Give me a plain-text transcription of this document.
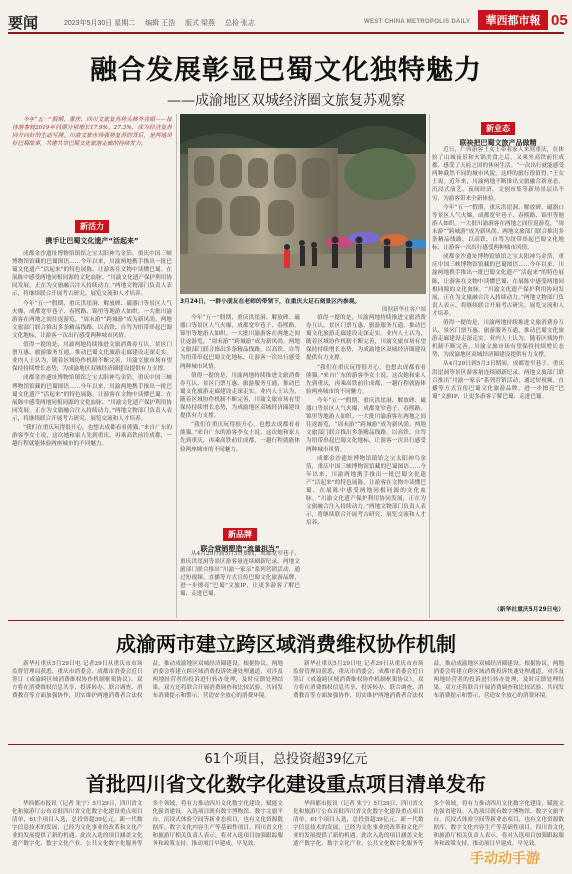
要闻	2023年5月30日 星期二 编辑 王浩 版式 梁燕 总检 张志	WEST CHINA METROPOLIS DAILY	華西都市報 05
融合发展彰显巴蜀文化独特魅力
——成渝地区双城经济圈文旅复苏观察

今年“五一”假期，重庆、四川文旅复苏势头格外亮眼——接待游客较2019年同期分别增长17.9%、27.3%，成为经济复苏回升向好的生动写照。川渝文旅市场强势复苏的背后，是两地讲好巴蜀故事，共建共享巴蜀文化旅游走廊的持续发力。

新活力
携手让巴蜀文化遗产“活起来”

成都金沙遗址博物馆镇馆之宝太阳神鸟金箔，重庆中国三峡博物馆馆藏的巴蜀图语……今年以来，川渝两地携手推出一批巴蜀文化遗产“活起来”的特色展陈，让游客在文物中读懂巴蜀、在展陈中感受两地同根同源的文化血脉。“川渝文化遗产保护利用协同发展，正在为文旅融合注入持续动力。”两地文物部门负责人表示，将继续联合开展考古研究、展览交流和人才培养。

今年“五一”假期，重庆洪崖洞、解放碑、磁器口等景区人气火爆，成都宽窄巷子、春熙路、锦里等地游人如织。一大批川渝游客在两地之间往返游览，“周末游”“跨城游”成为新风尚。两地文旅部门联合推出多条精品线路，以高铁、自驾为纽带串起巴蜀文化地标，让游客一次出行感受两种城市风情。

值得一提的是，川渝两地持续推进文旅消费券互认、景区门票互惠、旅游服务互通，推动巴蜀文化旅游走廊建设走深走实。业内人士认为，随着区域协作机制不断完善，川渝文旅市场有望保持持续增长态势，为成渝地区双城经济圈建设提供有力支撑。

成都金沙遗址博物馆镇馆之宝太阳神鸟金箔，重庆中国三峡博物馆馆藏的巴蜀图语……今年以来，川渝两地携手推出一批巴蜀文化遗产“活起来”的特色展陈，让游客在文物中读懂巴蜀、在展陈中感受两地同根同源的文化血脉。“川渝文化遗产保护利用协同发展，正在为文旅融合注入持续动力。”两地文物部门负责人表示，将继续联合开展考古研究、展览交流和人才培养。

“我们在重庆玩得很开心，也想去成都看看熊猫。”来自广东的游客李女士说，这次她和家人先到重庆，再乘高铁前往成都，一趟行程就能体验两座城市的不同魅力。

3月24日，一群小朋友在老师的带领下，在重庆大足石刻景区内参观。
图据新华社客户端

今年“五一”假期，重庆洪崖洞、解放碑、磁器口等景区人气火爆，成都宽窄巷子、春熙路、锦里等地游人如织。一大批川渝游客在两地之间往返游览，“周末游”“跨城游”成为新风尚。两地文旅部门联合推出多条精品线路，以高铁、自驾为纽带串起巴蜀文化地标，让游客一次出行感受两种城市风情。

值得一提的是，川渝两地持续推进文旅消费券互认、景区门票互惠、旅游服务互通，推动巴蜀文化旅游走廊建设走深走实。业内人士认为，随着区域协作机制不断完善，川渝文旅市场有望保持持续增长态势，为成渝地区双城经济圈建设提供有力支撑。

“我们在重庆玩得很开心，也想去成都看看熊猫。”来自广东的游客李女士说，这次她和家人先到重庆，再乘高铁前往成都，一趟行程就能体验两座城市的不同魅力。

新品牌
联合营销塑造“流量担当”

从4月29日到5月3日期间，成都宽窄巷子、重庆洪崖洞等景区游客量连续刷新纪录。两地文旅部门联合推出“川渝一家亲”系列营销活动，通过短视频、直播等方式宣传巴蜀文化旅游品牌，进一步擦亮“巴蜀”文旅IP，让更多游客了解巴蜀、走进巴蜀。

值得一提的是，川渝两地持续推进文旅消费券互认、景区门票互惠、旅游服务互通，推动巴蜀文化旅游走廊建设走深走实。业内人士认为，随着区域协作机制不断完善，川渝文旅市场有望保持持续增长态势，为成渝地区双城经济圈建设提供有力支撑。

“我们在重庆玩得很开心，也想去成都看看熊猫。”来自广东的游客李女士说，这次她和家人先到重庆，再乘高铁前往成都，一趟行程就能体验两座城市的不同魅力。

今年“五一”假期，重庆洪崖洞、解放碑、磁器口等景区人气火爆，成都宽窄巷子、春熙路、锦里等地游人如织。一大批川渝游客在两地之间往返游览，“周末游”“跨城游”成为新风尚。两地文旅部门联合推出多条精品线路，以高铁、自驾为纽带串起巴蜀文化地标，让游客一次出行感受两种城市风情。

成都金沙遗址博物馆镇馆之宝太阳神鸟金箔，重庆中国三峡博物馆馆藏的巴蜀图语……今年以来，川渝两地携手推出一批巴蜀文化遗产“活起来”的特色展陈，让游客在文物中读懂巴蜀、在展陈中感受两地同根同源的文化血脉。“川渝文化遗产保护利用协同发展，正在为文旅融合注入持续动力。”两地文物部门负责人表示，将继续联合开展考古研究、展览交流和人才培养。

新业态
联袂把巴蜀文旅产品做精

近日，广西游客王女士带着家人来到重庆，在体验了山城夜景和火锅美食之后，又乘坐高铁前往成都，感受了天府之国的休闲生活。“一次出行就能感受两种截然不同的城市风貌，这样的旅行很值得。”王女士说。近年来，川渝两地不断推出文旅融合新业态，沉浸式演艺、夜间经济、文创市集等新场景层出不穷，为游客带来全新体验。

今年“五一”假期，重庆洪崖洞、解放碑、磁器口等景区人气火爆，成都宽窄巷子、春熙路、锦里等地游人如织。一大批川渝游客在两地之间往返游览，“周末游”“跨城游”成为新风尚。两地文旅部门联合推出多条精品线路，以高铁、自驾为纽带串起巴蜀文化地标，让游客一次出行感受两种城市风情。

成都金沙遗址博物馆镇馆之宝太阳神鸟金箔，重庆中国三峡博物馆馆藏的巴蜀图语……今年以来，川渝两地携手推出一批巴蜀文化遗产“活起来”的特色展陈，让游客在文物中读懂巴蜀、在展陈中感受两地同根同源的文化血脉。“川渝文化遗产保护利用协同发展，正在为文旅融合注入持续动力。”两地文物部门负责人表示，将继续联合开展考古研究、展览交流和人才培养。

值得一提的是，川渝两地持续推进文旅消费券互认、景区门票互惠、旅游服务互通，推动巴蜀文化旅游走廊建设走深走实。业内人士认为，随着区域协作机制不断完善，川渝文旅市场有望保持持续增长态势，为成渝地区双城经济圈建设提供有力支撑。

从4月29日到5月3日期间，成都宽窄巷子、重庆洪崖洞等景区游客量连续刷新纪录。两地文旅部门联合推出“川渝一家亲”系列营销活动，通过短视频、直播等方式宣传巴蜀文化旅游品牌，进一步擦亮“巴蜀”文旅IP，让更多游客了解巴蜀、走进巴蜀。

（新华社重庆5月29日电）
成渝两市建立跨区域消费维权协作机制

新华社重庆5月29日电 记者29日从重庆市市场监督管理局获悉，重庆市消委会、成都市消委会近日签订《成渝跨区域消费维权协作机制框架协议》，双方将在消费维权信息共享、投诉转办、联合调查、消费教育等方面加强协作，切实维护两地消费者合法权益，推动成渝地区双城经济圈建设。根据协议，两地消委会将建立跨区域消费投诉快速处理通道，对涉及两地经营者的投诉进行转办处理，及时反馈处理结果。双方还将联合开展消费调查和比较试验，共同发布消费提示和警示，营造安全放心的消费环境。

新华社重庆5月29日电 记者29日从重庆市市场监督管理局获悉，重庆市消委会、成都市消委会近日签订《成渝跨区域消费维权协作机制框架协议》，双方将在消费维权信息共享、投诉转办、联合调查、消费教育等方面加强协作，切实维护两地消费者合法权益，推动成渝地区双城经济圈建设。根据协议，两地消委会将建立跨区域消费投诉快速处理通道，对涉及两地经营者的投诉进行转办处理，及时反馈处理结果。双方还将联合开展消费调查和比较试验，共同发布消费提示和警示，营造安全放心的消费环境。

61个项目，总投资超39亿元
首批四川省文化数字化建设重点项目清单发布

华西都市报讯（记者 朱宁）5月29日，四川省文化和旅游厅公布首批四川省文化数字化建设重点项目清单，61个项目入选，总投资超39亿元。新一代数字信息技术的发展，已经为文化事业的改革和文化产业的发展提供了新的机遇。此次入选的项目涵盖文化遗产数字化、数字文化产业、公共文化数字化服务等多个领域，将有力推动四川文化数字化建设，赋能文化强省建设。入选项目既有数字博物馆、数字文旅平台、沉浸式体验空间等新业态项目，也有文化资源数据库、数字文化内容生产等基础性项目。四川省文化和旅游厅相关负责人表示，将对入选项目加强跟踪服务和政策支持，推动项目早建成、早见效。

华西都市报讯（记者 朱宁）5月29日，四川省文化和旅游厅公布首批四川省文化数字化建设重点项目清单，61个项目入选，总投资超39亿元。新一代数字信息技术的发展，已经为文化事业的改革和文化产业的发展提供了新的机遇。此次入选的项目涵盖文化遗产数字化、数字文化产业、公共文化数字化服务等多个领域，将有力推动四川文化数字化建设，赋能文化强省建设。入选项目既有数字博物馆、数字文旅平台、沉浸式体验空间等新业态项目，也有文化资源数据库、数字文化内容生产等基础性项目。四川省文化和旅游厅相关负责人表示，将对入选项目加强跟踪服务和政策支持，推动项目早建成、早见效。

手动动手游
